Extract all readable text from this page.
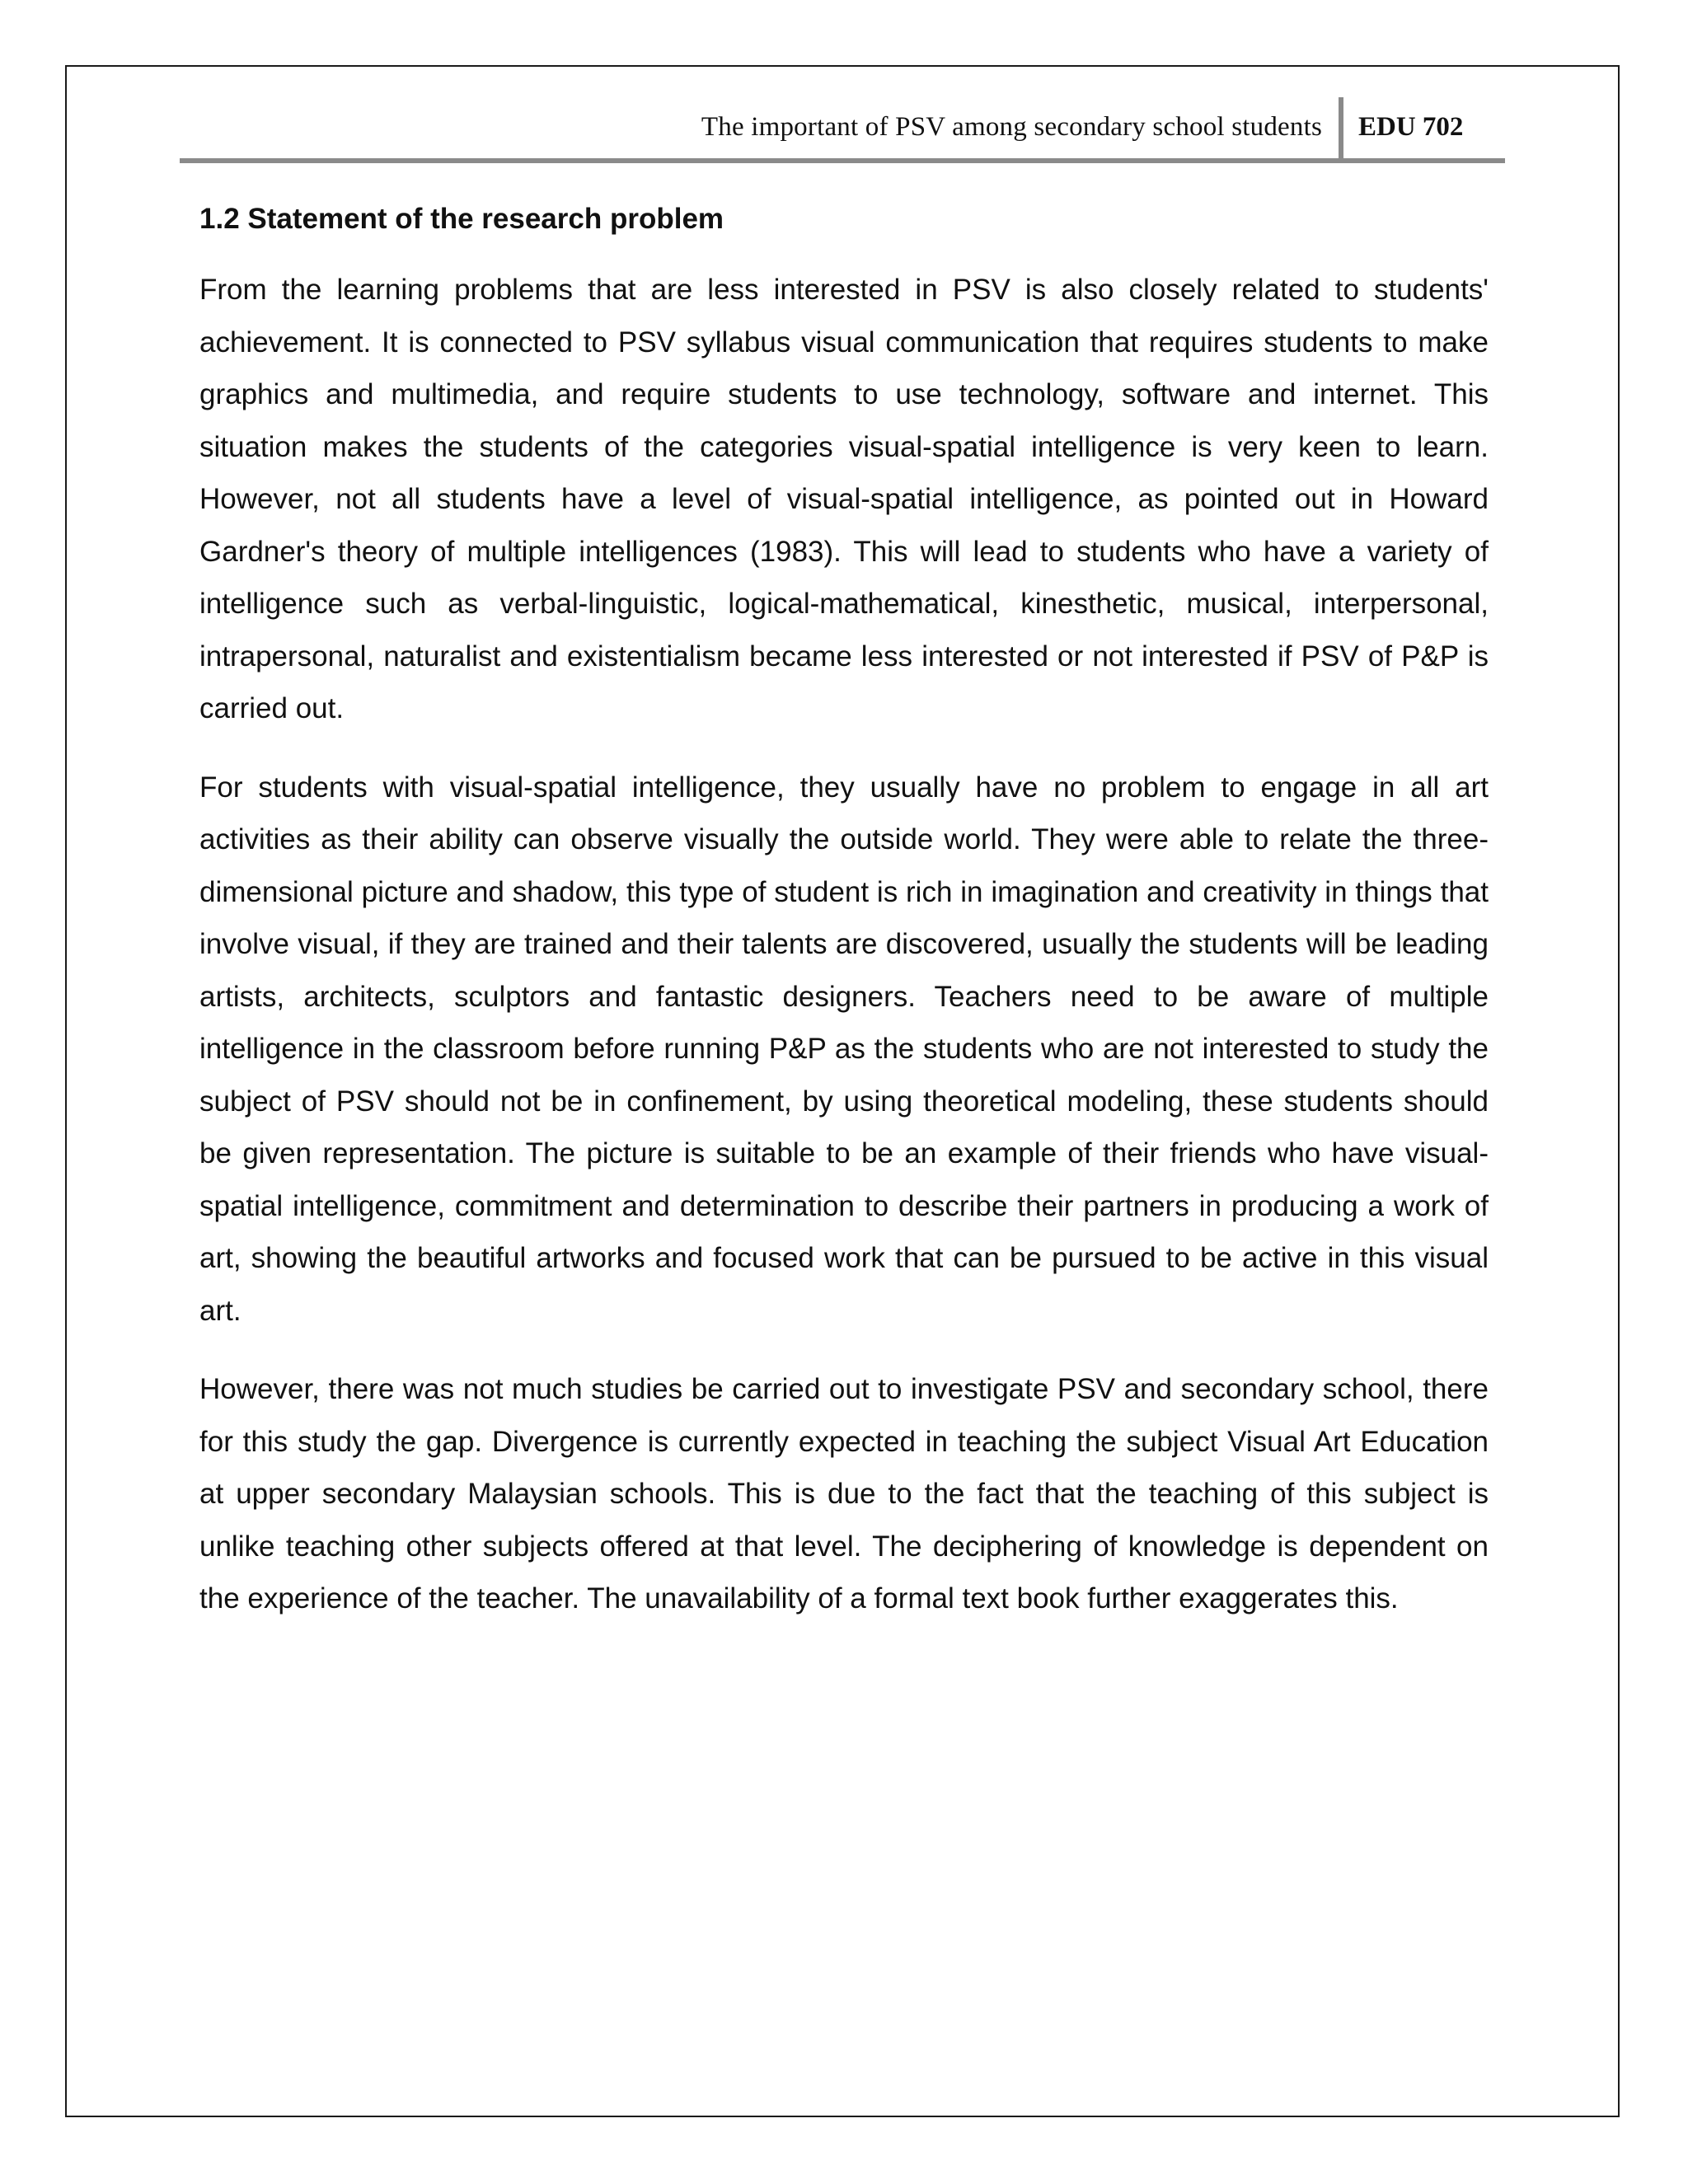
The important of PSV among secondary school students EDU 702
1.2 Statement of the research problem

From the learning problems that are less interested in PSV is also closely related to students' achievement. It is connected to PSV syllabus visual communication that requires students to make graphics and multimedia, and require students to use technology, software and internet. This situation makes the students of the categories visual-spatial intelligence is very keen to learn. However, not all students have a level of visual-spatial intelligence, as pointed out in Howard Gardner's theory of multiple intelligences (1983). This will lead to students who have a variety of intelligence such as verbal-linguistic, logical-mathematical, kinesthetic, musical, interpersonal, intrapersonal, naturalist and existentialism became less interested or not interested if PSV of P&P is carried out.

For students with visual-spatial intelligence, they usually have no problem to engage in all art activities as their ability can observe visually the outside world. They were able to relate the three-dimensional picture and shadow, this type of student is rich in imagination and creativity in things that involve visual, if they are trained and their talents are discovered, usually the students will be leading artists, architects, sculptors and fantastic designers. Teachers need to be aware of multiple intelligence in the classroom before running P&P as the students who are not interested to study the subject of PSV should not be in confinement, by using theoretical modeling, these students should be given representation. The picture is suitable to be an example of their friends who have visual-spatial intelligence, commitment and determination to describe their partners in producing a work of art, showing the beautiful artworks and focused work that can be pursued to be active in this visual art.

However, there was not much studies be carried out to investigate PSV and secondary school, there for this study the gap. Divergence is currently expected in teaching the subject Visual Art Education at upper secondary Malaysian schools. This is due to the fact that the teaching of this subject is unlike teaching other subjects offered at that level. The deciphering of knowledge is dependent on the experience of the teacher. The unavailability of a formal text book further exaggerates this.
